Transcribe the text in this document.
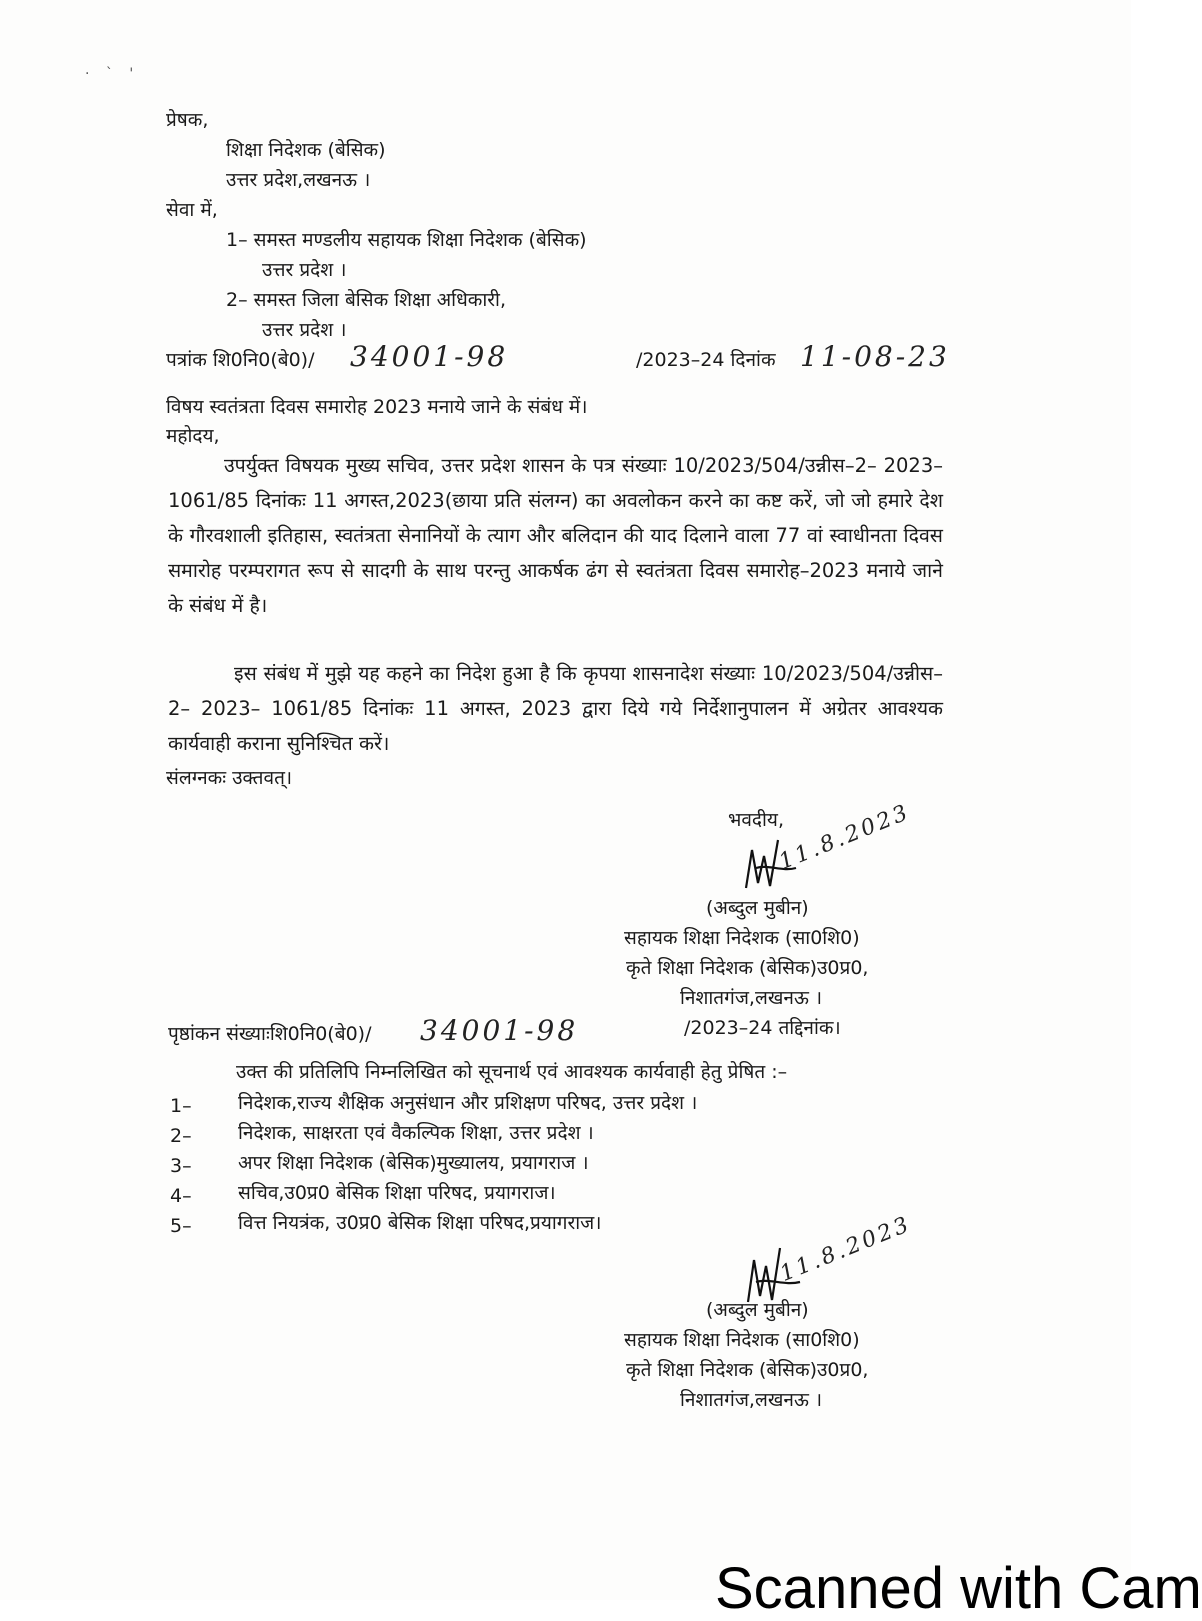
· ` '
प्रेषक,
शिक्षा निदेशक (बेसिक)
उत्तर प्रदेश,लखनऊ ।
सेवा में,
1– समस्त मण्डलीय सहायक शिक्षा निदेशक (बेसिक)
उत्तर प्रदेश ।
2– समस्त जिला बेसिक शिक्षा अधिकारी,
उत्तर प्रदेश ।
पत्रांक शि0नि0(बे0)/ 34001-98	/2023–24 दिनांक 11-08-23
विषय स्वतंत्रता दिवस समारोह 2023 मनाये जाने के संबंध में।
महोदय,
उपर्युक्त विषयक मुख्य सचिव, उत्तर प्रदेश शासन के पत्र संख्याः 10/2023/504/उन्नीस–2– 2023– 1061/85 दिनांकः 11 अगस्त,2023(छाया प्रति संलग्न) का अवलोकन करने का कष्ट करें, जो जो हमारे देश के गौरवशाली इतिहास, स्वतंत्रता सेनानियों के त्याग और बलिदान की याद दिलाने वाला 77 वां स्वाधीनता दिवस समारोह परम्परागत रूप से सादगी के साथ परन्तु आकर्षक ढंग से स्वतंत्रता दिवस समारोह–2023 मनाये जाने के संबंध में है।
इस संबंध में मुझे यह कहने का निदेश हुआ है कि कृपया शासनादेश संख्याः 10/2023/504/उन्नीस–2– 2023– 1061/85 दिनांकः 11 अगस्त, 2023 द्वारा दिये गये निर्देशानुपालन में अग्रेतर आवश्यक कार्यवाही कराना सुनिश्चित करें।
संलग्नकः उक्तवत्।
भवदीय,
11.8.2023
(अब्दुल मुबीन)
सहायक शिक्षा निदेशक (सा0शि0)
कृते शिक्षा निदेशक (बेसिक)उ0प्र0,
निशातगंज,लखनऊ ।
पृष्ठांकन संख्याःशि0नि0(बे0)/ 34001-98	/2023–24 तद्दिनांक।
उक्त की प्रतिलिपि निम्नलिखित को सूचनार्थ एवं आवश्यक कार्यवाही हेतु प्रेषित :–
1– निदेशक,राज्य शैक्षिक अनुसंधान और प्रशिक्षण परिषद, उत्तर प्रदेश ।
2– निदेशक, साक्षरता एवं वैकल्पिक शिक्षा, उत्तर प्रदेश ।
3– अपर शिक्षा निदेशक (बेसिक)मुख्यालय, प्रयागराज ।
4– सचिव,उ0प्र0 बेसिक शिक्षा परिषद, प्रयागराज।
5– वित्त नियत्रंक, उ0प्र0 बेसिक शिक्षा परिषद,प्रयागराज।	11.8.2023
(अब्दुल मुबीन)
सहायक शिक्षा निदेशक (सा0शि0)
कृते शिक्षा निदेशक (बेसिक)उ0प्र0,
निशातगंज,लखनऊ ।
Scanned with Cam
